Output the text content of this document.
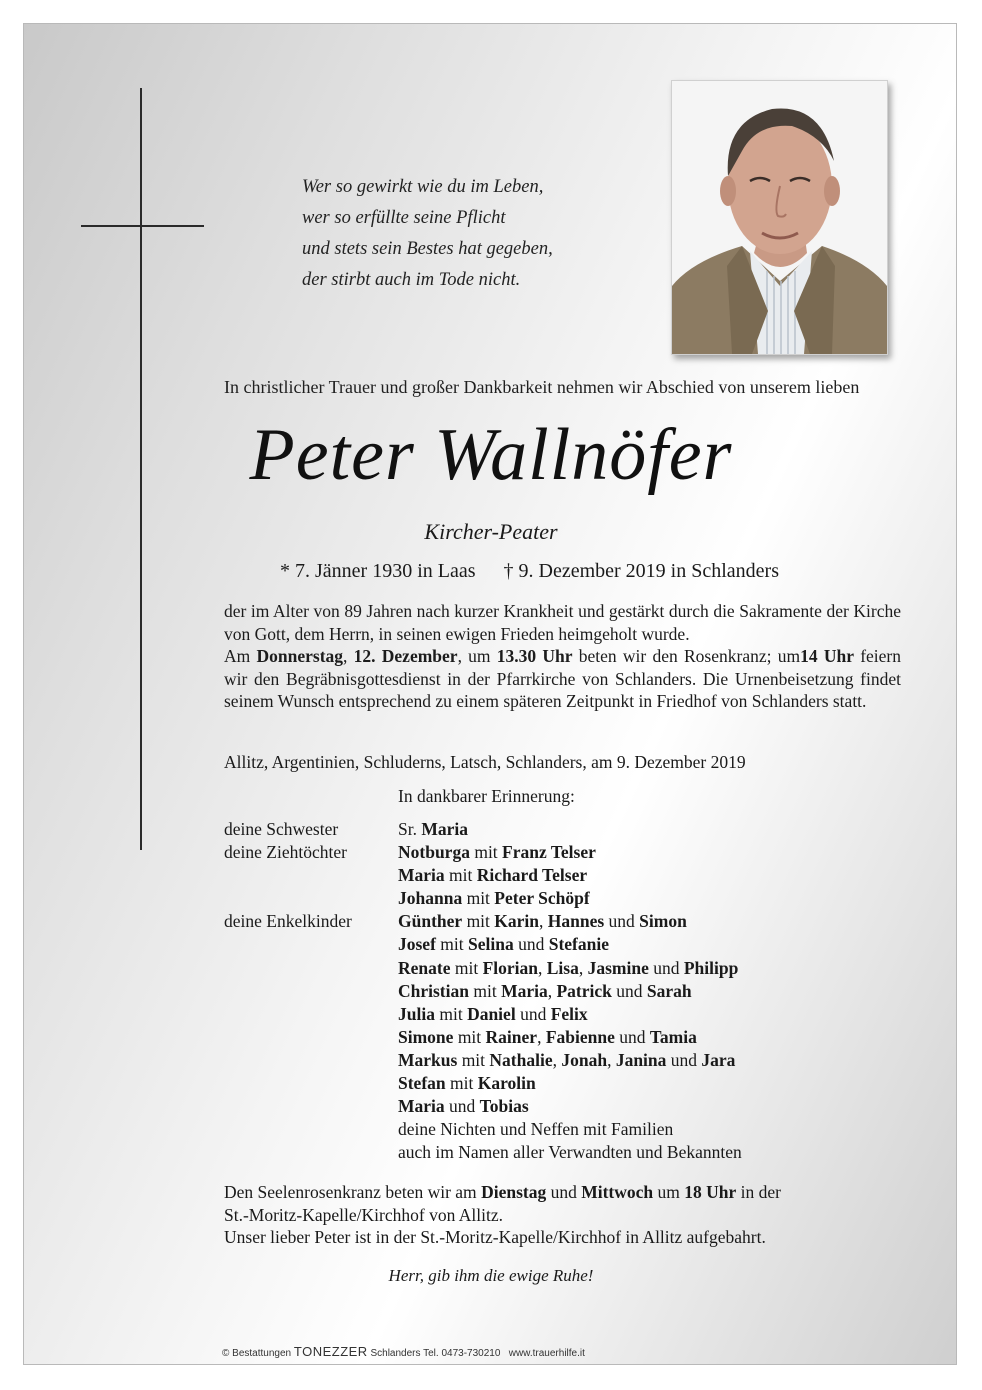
Wer so gewirkt wie du im Leben,
wer so erfüllte seine Pflicht
und stets sein Bestes hat gegeben,
der stirbt auch im Tode nicht.
In christlicher Trauer und großer Dankbarkeit nehmen wir Abschied von unserem lieben
Peter Wallnöfer
Kircher-Peater
* 7. Jänner 1930 in Laas † 9. Dezember 2019 in Schlanders

der im Alter von 89 Jahren nach kurzer Krankheit und gestärkt durch die Sakramente der Kirche von Gott, dem Herrn, in seinen ewigen Frieden heimgeholt wurde.

Am Donnerstag, 12. Dezember, um 13.30 Uhr beten wir den Rosenkranz; um14 Uhr feiern wir den Begräbnisgottesdienst in der Pfarrkirche von Schlanders. Die Urnenbeisetzung findet seinem Wunsch entsprechend zu einem späteren Zeitpunkt in Friedhof von Schlanders statt.

Allitz, Argentinien, Schluderns, Latsch, Schlanders, am 9. Dezember 2019
In dankbarer Erinnerung:
deine Schwester	Sr. Maria
deine Ziehtöchter	Notburga mit Franz Telser
Maria mit Richard Telser
Johanna mit Peter Schöpf
deine Enkelkinder	Günther mit Karin, Hannes und Simon
Josef mit Selina und Stefanie
Renate mit Florian, Lisa, Jasmine und Philipp
Christian mit Maria, Patrick und Sarah
Julia mit Daniel und Felix
Simone mit Rainer, Fabienne und Tamia
Markus mit Nathalie, Jonah, Janina und Jara
Stefan mit Karolin
Maria und Tobias
deine Nichten und Neffen mit Familien
auch im Namen aller Verwandten und Bekannten
Den Seelenrosenkranz beten wir am Dienstag und Mittwoch um 18 Uhr in der
St.-Moritz-Kapelle/Kirchhof von Allitz.
Unser lieber Peter ist in der St.-Moritz-Kapelle/Kirchhof in Allitz aufgebahrt.
Herr, gib ihm die ewige Ruhe!
© Bestattungen TONEZZER Schlanders Tel. 0473-730210   www.trauerhilfe.it
